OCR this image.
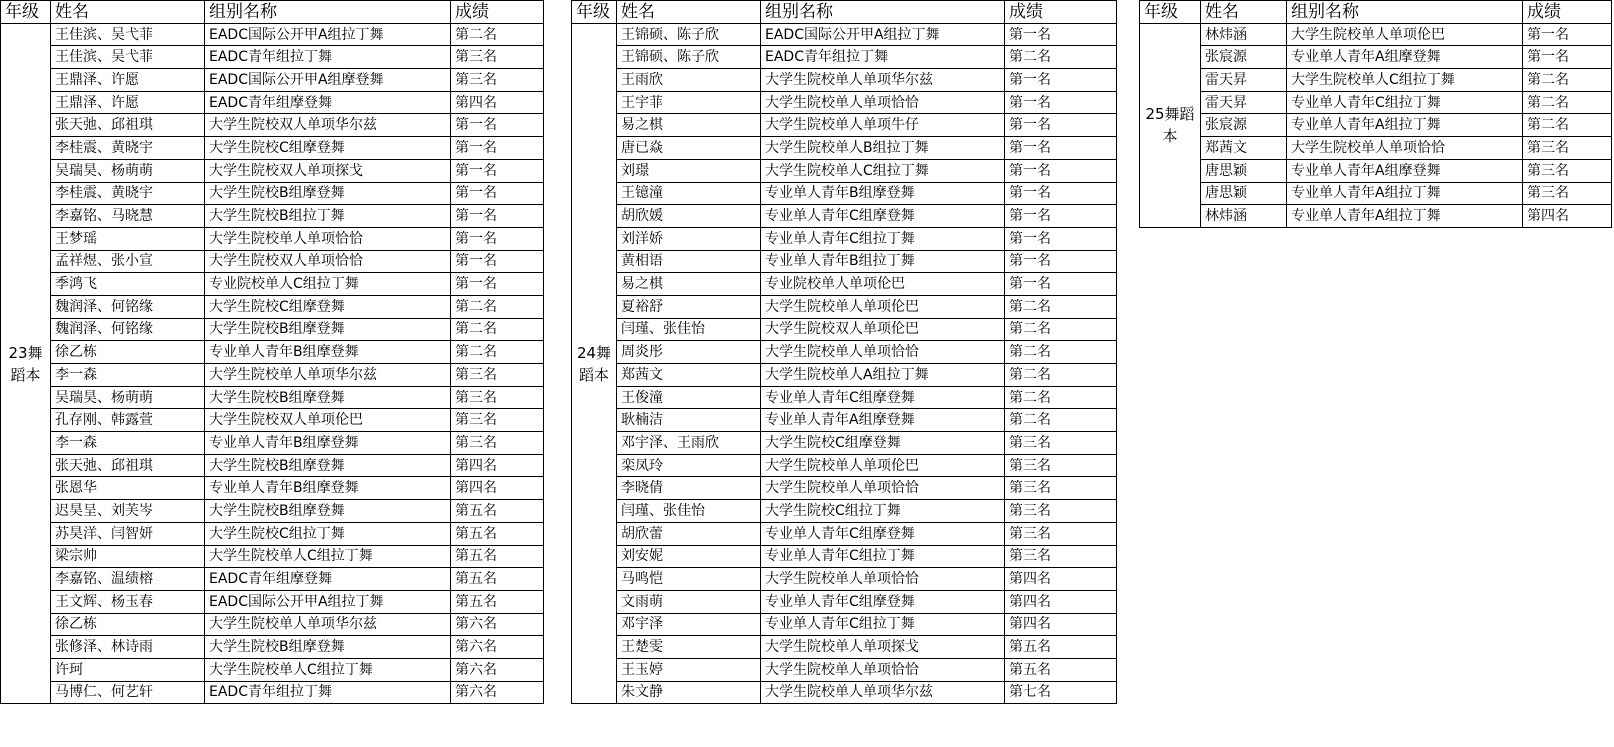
年级	姓名	组别名称	成绩
23舞蹈本	王佳滨、吴弋菲	EADC国际公开甲A组拉丁舞	第二名
	王佳滨、吴弋菲	EADC青年组拉丁舞	第三名
	王鼎泽、许愿	EADC国际公开甲A组摩登舞	第三名
	王鼎泽、许愿	EADC青年组摩登舞	第四名
	张天弛、邱祖琪	大学生院校双人单项华尔兹	第一名
	李桂震、黄晓宇	大学生院校C组摩登舞	第一名
	吴瑞昊、杨萌萌	大学生院校双人单项探戈	第一名
	李桂震、黄晓宇	大学生院校B组摩登舞	第一名
	李嘉铭、马晓慧	大学生院校B组拉丁舞	第一名
	王梦瑶	大学生院校单人单项恰恰	第一名
	孟祥煜、张小宣	大学生院校双人单项恰恰	第一名
	季鸿飞	专业院校单人C组拉丁舞	第一名
	魏润泽、何铭缘	大学生院校C组摩登舞	第二名
	魏润泽、何铭缘	大学生院校B组摩登舞	第二名
	徐乙栋	专业单人青年B组摩登舞	第二名
	李一森	大学生院校单人单项华尔兹	第三名
	吴瑞昊、杨萌萌	大学生院校B组摩登舞	第三名
	孔存刚、韩露萱	大学生院校双人单项伦巴	第三名
	李一森	专业单人青年B组摩登舞	第三名
	张天弛、邱祖琪	大学生院校B组摩登舞	第四名
	张恩华	专业单人青年B组摩登舞	第四名
	迟昊呈、刘芙岑	大学生院校B组摩登舞	第五名
	苏昊洋、闫智妍	大学生院校C组拉丁舞	第五名
	梁宗帅	大学生院校单人C组拉丁舞	第五名
	李嘉铭、温绩榕	EADC青年组摩登舞	第五名
	王文辉、杨玉春	EADC国际公开甲A组拉丁舞	第五名
	徐乙栋	大学生院校单人单项华尔兹	第六名
	张修泽、林诗雨	大学生院校B组摩登舞	第六名
	许珂	大学生院校单人C组拉丁舞	第六名
	马博仁、何艺轩	EADC青年组拉丁舞	第六名
年级	姓名	组别名称	成绩
24舞蹈本	王锦硕、陈子欣	EADC国际公开甲A组拉丁舞	第一名
	王锦硕、陈子欣	EADC青年组拉丁舞	第二名
	王雨欣	大学生院校单人单项华尔兹	第一名
	王宇菲	大学生院校单人单项恰恰	第一名
	易之棋	大学生院校单人单项牛仔	第一名
	唐已焱	大学生院校单人B组拉丁舞	第一名
	刘璟	大学生院校单人C组拉丁舞	第一名
	王镱潼	专业单人青年B组摩登舞	第一名
	胡欣媛	专业单人青年C组摩登舞	第一名
	刘洋娇	专业单人青年C组拉丁舞	第一名
	黄相语	专业单人青年B组拉丁舞	第一名
	易之棋	专业院校单人单项伦巴	第一名
	夏裕舒	大学生院校单人单项伦巴	第二名
	闫瑾、张佳怡	大学生院校双人单项伦巴	第二名
	周炎彤	大学生院校单人单项恰恰	第二名
	郑茜文	大学生院校单人A组拉丁舞	第二名
	王俊潼	专业单人青年C组摩登舞	第二名
	耿楠洁	专业单人青年A组摩登舞	第二名
	邓宇泽、王雨欣	大学生院校C组摩登舞	第三名
	栾凤玲	大学生院校单人单项伦巴	第三名
	李晓倩	大学生院校单人单项恰恰	第三名
	闫瑾、张佳怡	大学生院校C组拉丁舞	第三名
	胡欣蕾	专业单人青年C组摩登舞	第三名
	刘安妮	专业单人青年C组拉丁舞	第三名
	马鸣恺	大学生院校单人单项恰恰	第四名
	文雨萌	专业单人青年C组摩登舞	第四名
	邓宇泽	专业单人青年C组拉丁舞	第四名
	王楚雯	大学生院校单人单项探戈	第五名
	王玉婷	大学生院校单人单项恰恰	第五名
	朱文静	大学生院校单人单项华尔兹	第七名
年级	姓名	组别名称	成绩
25舞蹈本	林炜涵	大学生院校单人单项伦巴	第一名
	张宸源	专业单人青年A组摩登舞	第一名
	雷天昇	大学生院校单人C组拉丁舞	第二名
	雷天昇	专业单人青年C组拉丁舞	第二名
	张宸源	专业单人青年A组拉丁舞	第二名
	郑茜文	大学生院校单人单项恰恰	第三名
	唐思颖	专业单人青年A组摩登舞	第三名
	唐思颖	专业单人青年A组拉丁舞	第三名
	林炜涵	专业单人青年A组拉丁舞	第四名
